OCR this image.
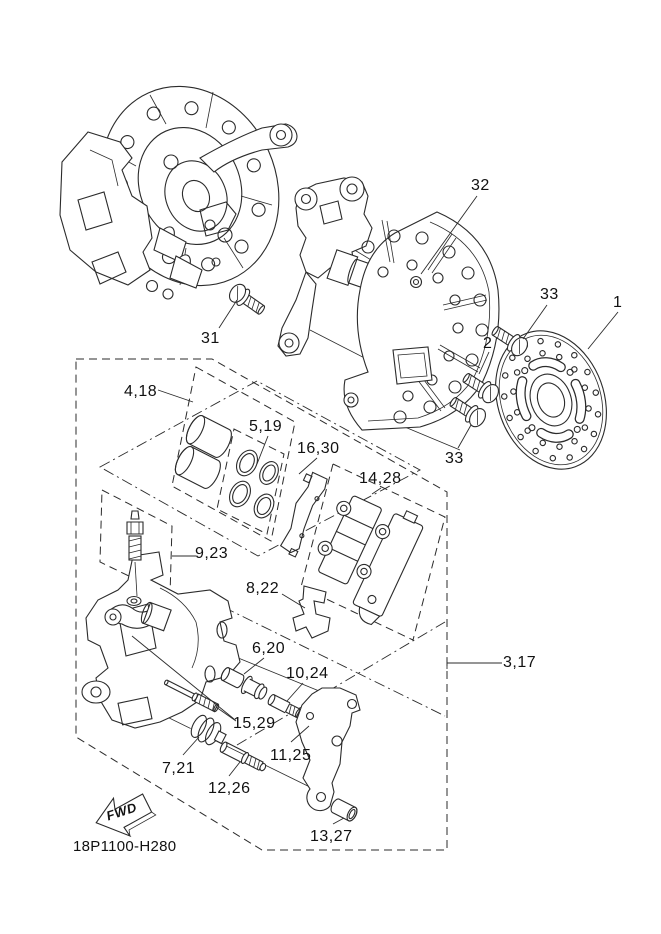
32
33	1
2
33
31
4,18
5,19
16,30
14,28
9,23
8,22
6,20
10,24
15,29
7,21
11,25
12,26
13,27
3,17
18P1100-H280
FWD
